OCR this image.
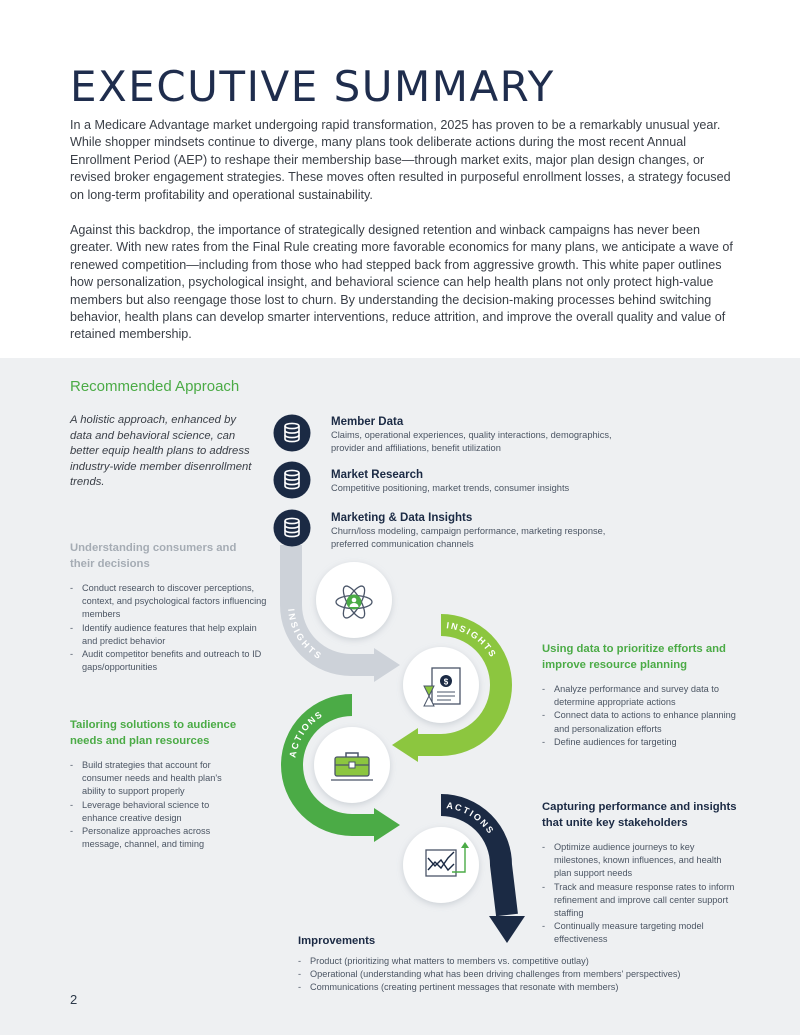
EXECUTIVE SUMMARY

In a Medicare Advantage market undergoing rapid transformation, 2025 has proven to be a remarkably unusual year. While shopper mindsets continue to diverge, many plans took deliberate actions during the most recent Annual Enrollment Period (AEP) to reshape their membership base—through market exits, major plan design changes, or revised broker engagement strategies. These moves often resulted in purposeful enrollment losses, a strategy focused on long-term profitability and operational sustainability.

Against this backdrop, the importance of strategically designed retention and winback campaigns has never been greater. With new rates from the Final Rule creating more favorable economics for many plans, we anticipate a wave of renewed competition—including from those who had stepped back from aggressive growth. This white paper outlines how personalization, psychological insight, and behavioral science can help health plans not only protect high-value members but also reengage those lost to churn. By understanding the decision-making processes behind switching behavior, health plans can develop smarter interventions, reduce attrition, and improve the overall quality and value of retained membership.

Recommended Approach

A holistic approach, enhanced by data and behavioral science, can better equip health plans to address industry-wide member disenrollment trends.

INSIGHTS
INSIGHTS
ACTIONS
ACTIONS
$
Member Data
Claims, operational experiences, quality interactions, demographics, provider and affiliations, benefit utilization
Market Research
Competitive positioning, market trends, consumer insights
Marketing & Data Insights
Churn/loss modeling, campaign performance, marketing response, preferred communication channels
Understanding consumers and their decisions
- Conduct research to discover perceptions, context, and psychological factors influencing members
- Identify audience features that help explain and predict behavior
- Audit competitor benefits and outreach to ID gaps/opportunities
Using data to prioritize efforts and improve resource planning
- Analyze performance and survey data to determine appropriate actions
- Connect data to actions to enhance planning and personalization efforts
- Define audiences for targeting
Tailoring solutions to audience needs and plan resources
- Build strategies that account for consumer needs and health plan's ability to support properly
- Leverage behavioral science to enhance creative design
- Personalize approaches across message, channel, and timing
Capturing performance and insights that unite key stakeholders
- Optimize audience journeys to key milestones, known influences, and health plan support needs
- Track and measure response rates to inform refinement and improve call center support staffing
- Continually measure targeting model effectiveness
Improvements
- Product (prioritizing what matters to members vs. competitive outlay)
- Operational (understanding what has been driving challenges from members' perspectives)
- Communications (creating pertinent messages that resonate with members)
2
